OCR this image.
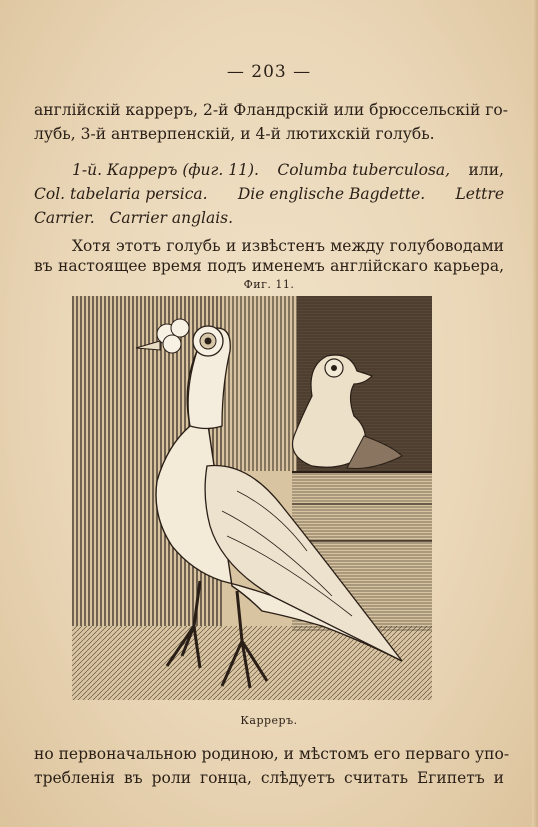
— 203 —
англійскій карреръ, 2-й Фландрскій или брюссельскій го-
лубь, 3-й антверпенскій, и 4-й лютихскій голубь.
1-й. Карреръ (фиг. 11). Columba tuberculosa, или,
Col. tabelaria persica. Die englische Bagdette. Lettre
Carrier.   Carrier anglais.
Хотя этотъ голубь и извѣстенъ между голубоводами
въ настоящее время подъ именемъ англійскаго карьера,
Фиг. 11.
Карреръ.
но первоначальною родиною, и мѣстомъ его перваго упо-
требленія въ роли гонца, слѣдуетъ считать Египетъ и
